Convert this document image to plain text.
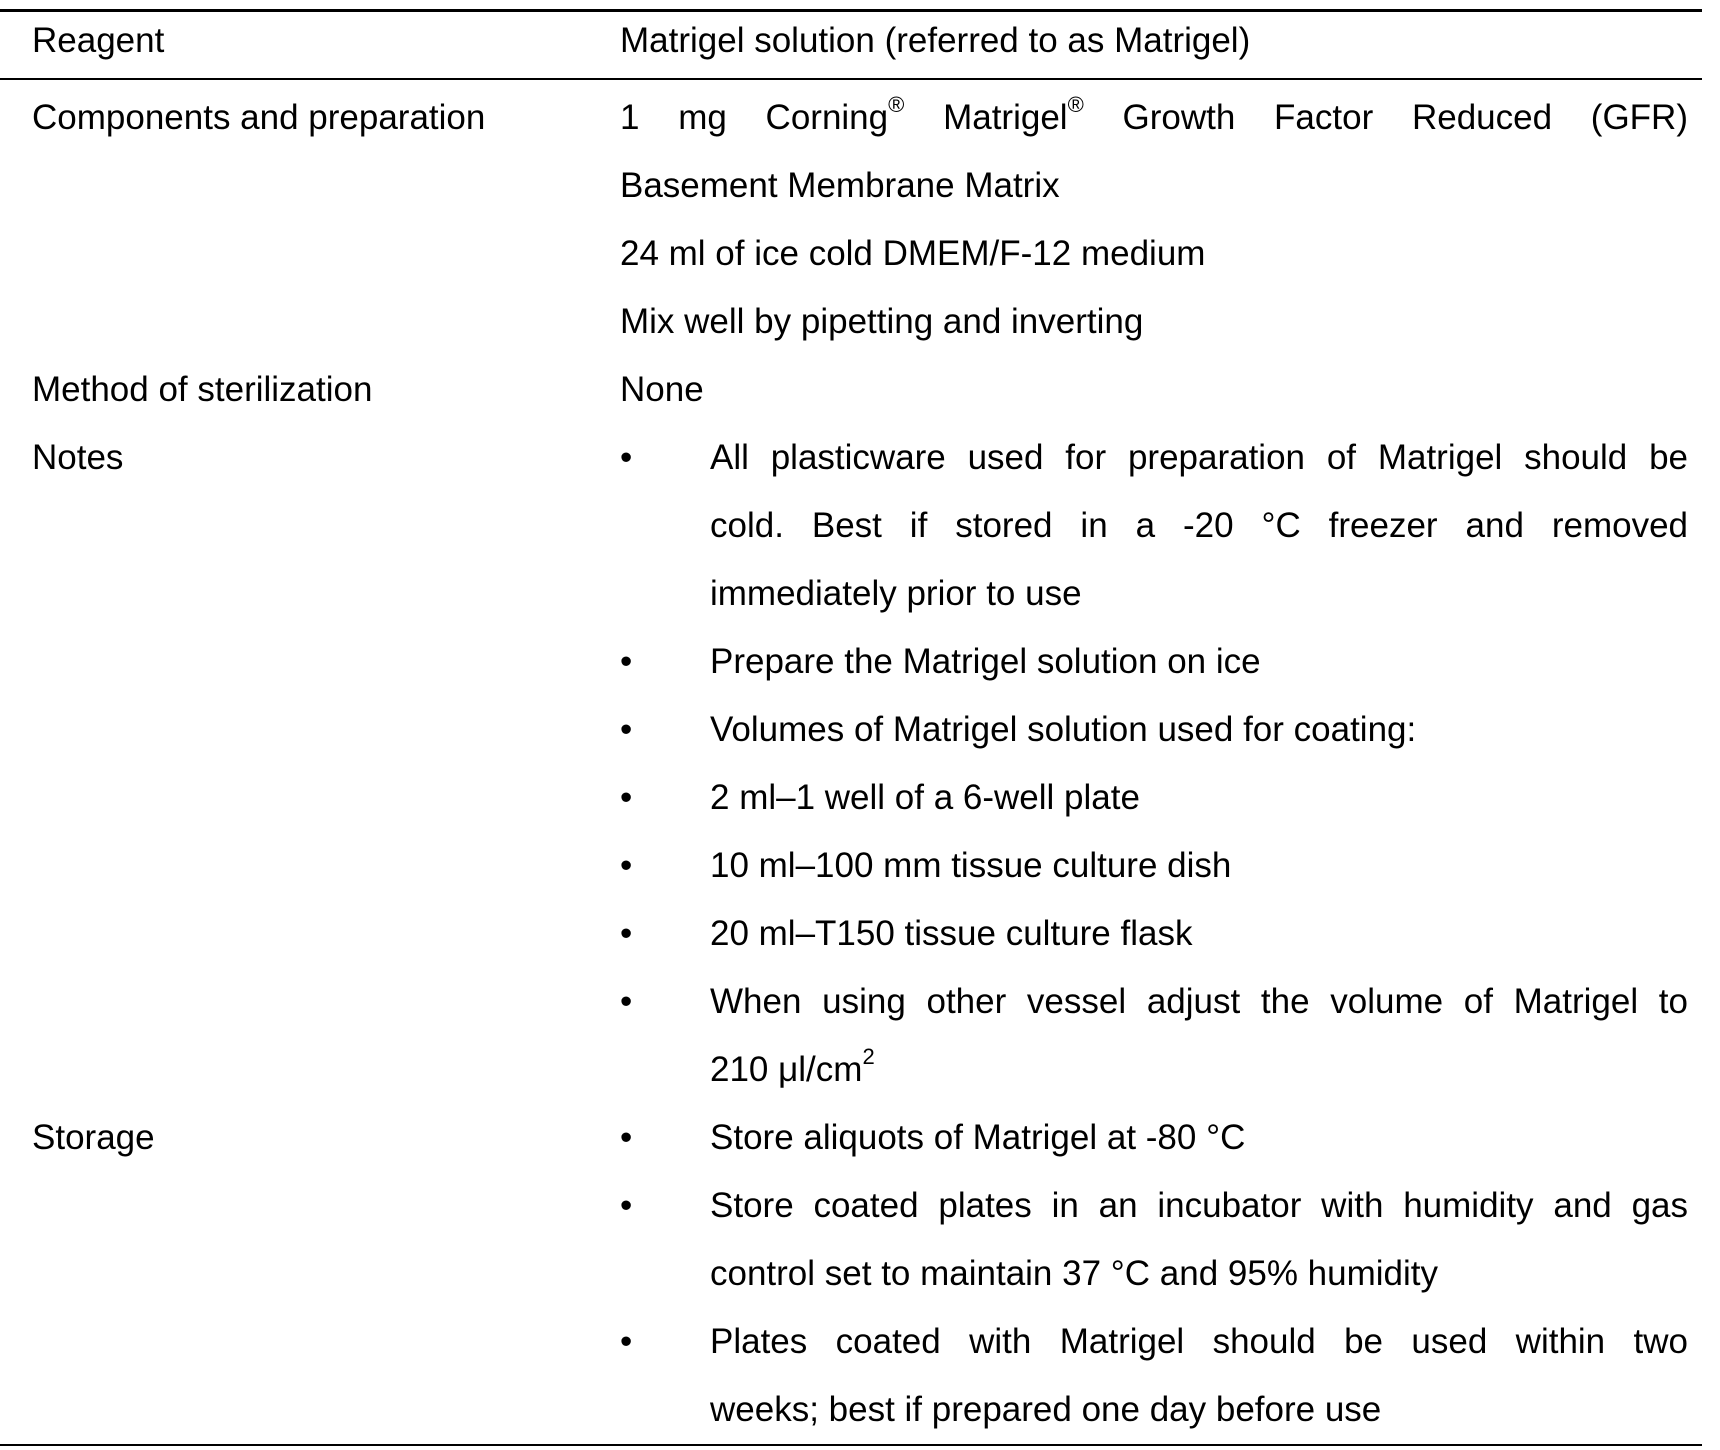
Reagent	Matrigel solution (referred to as Matrigel)
Components and preparation	1 mg Corning® Matrigel® Growth Factor Reduced (GFR)
Basement Membrane Matrix
24 ml of ice cold DMEM/F-12 medium
Mix well by pipetting and inverting
Method of sterilization	None
Notes	•	All plasticware used for preparation of Matrigel should be
cold. Best if stored in a -20 °C freezer and removed
immediately prior to use
•	Prepare the Matrigel solution on ice
•	Volumes of Matrigel solution used for coating:
•	2 ml–1 well of a 6-well plate
•	10 ml–100 mm tissue culture dish
•	20 ml–T150 tissue culture flask
•	When using other vessel adjust the volume of Matrigel to
210 $\mu l/cm^2$
Storage	•	Store aliquots of Matrigel at -80 °C
•	Store coated plates in an incubator with humidity and gas
control set to maintain 37 °C and 95% humidity
•	Plates coated with Matrigel should be used within two
weeks; best if prepared one day before use
